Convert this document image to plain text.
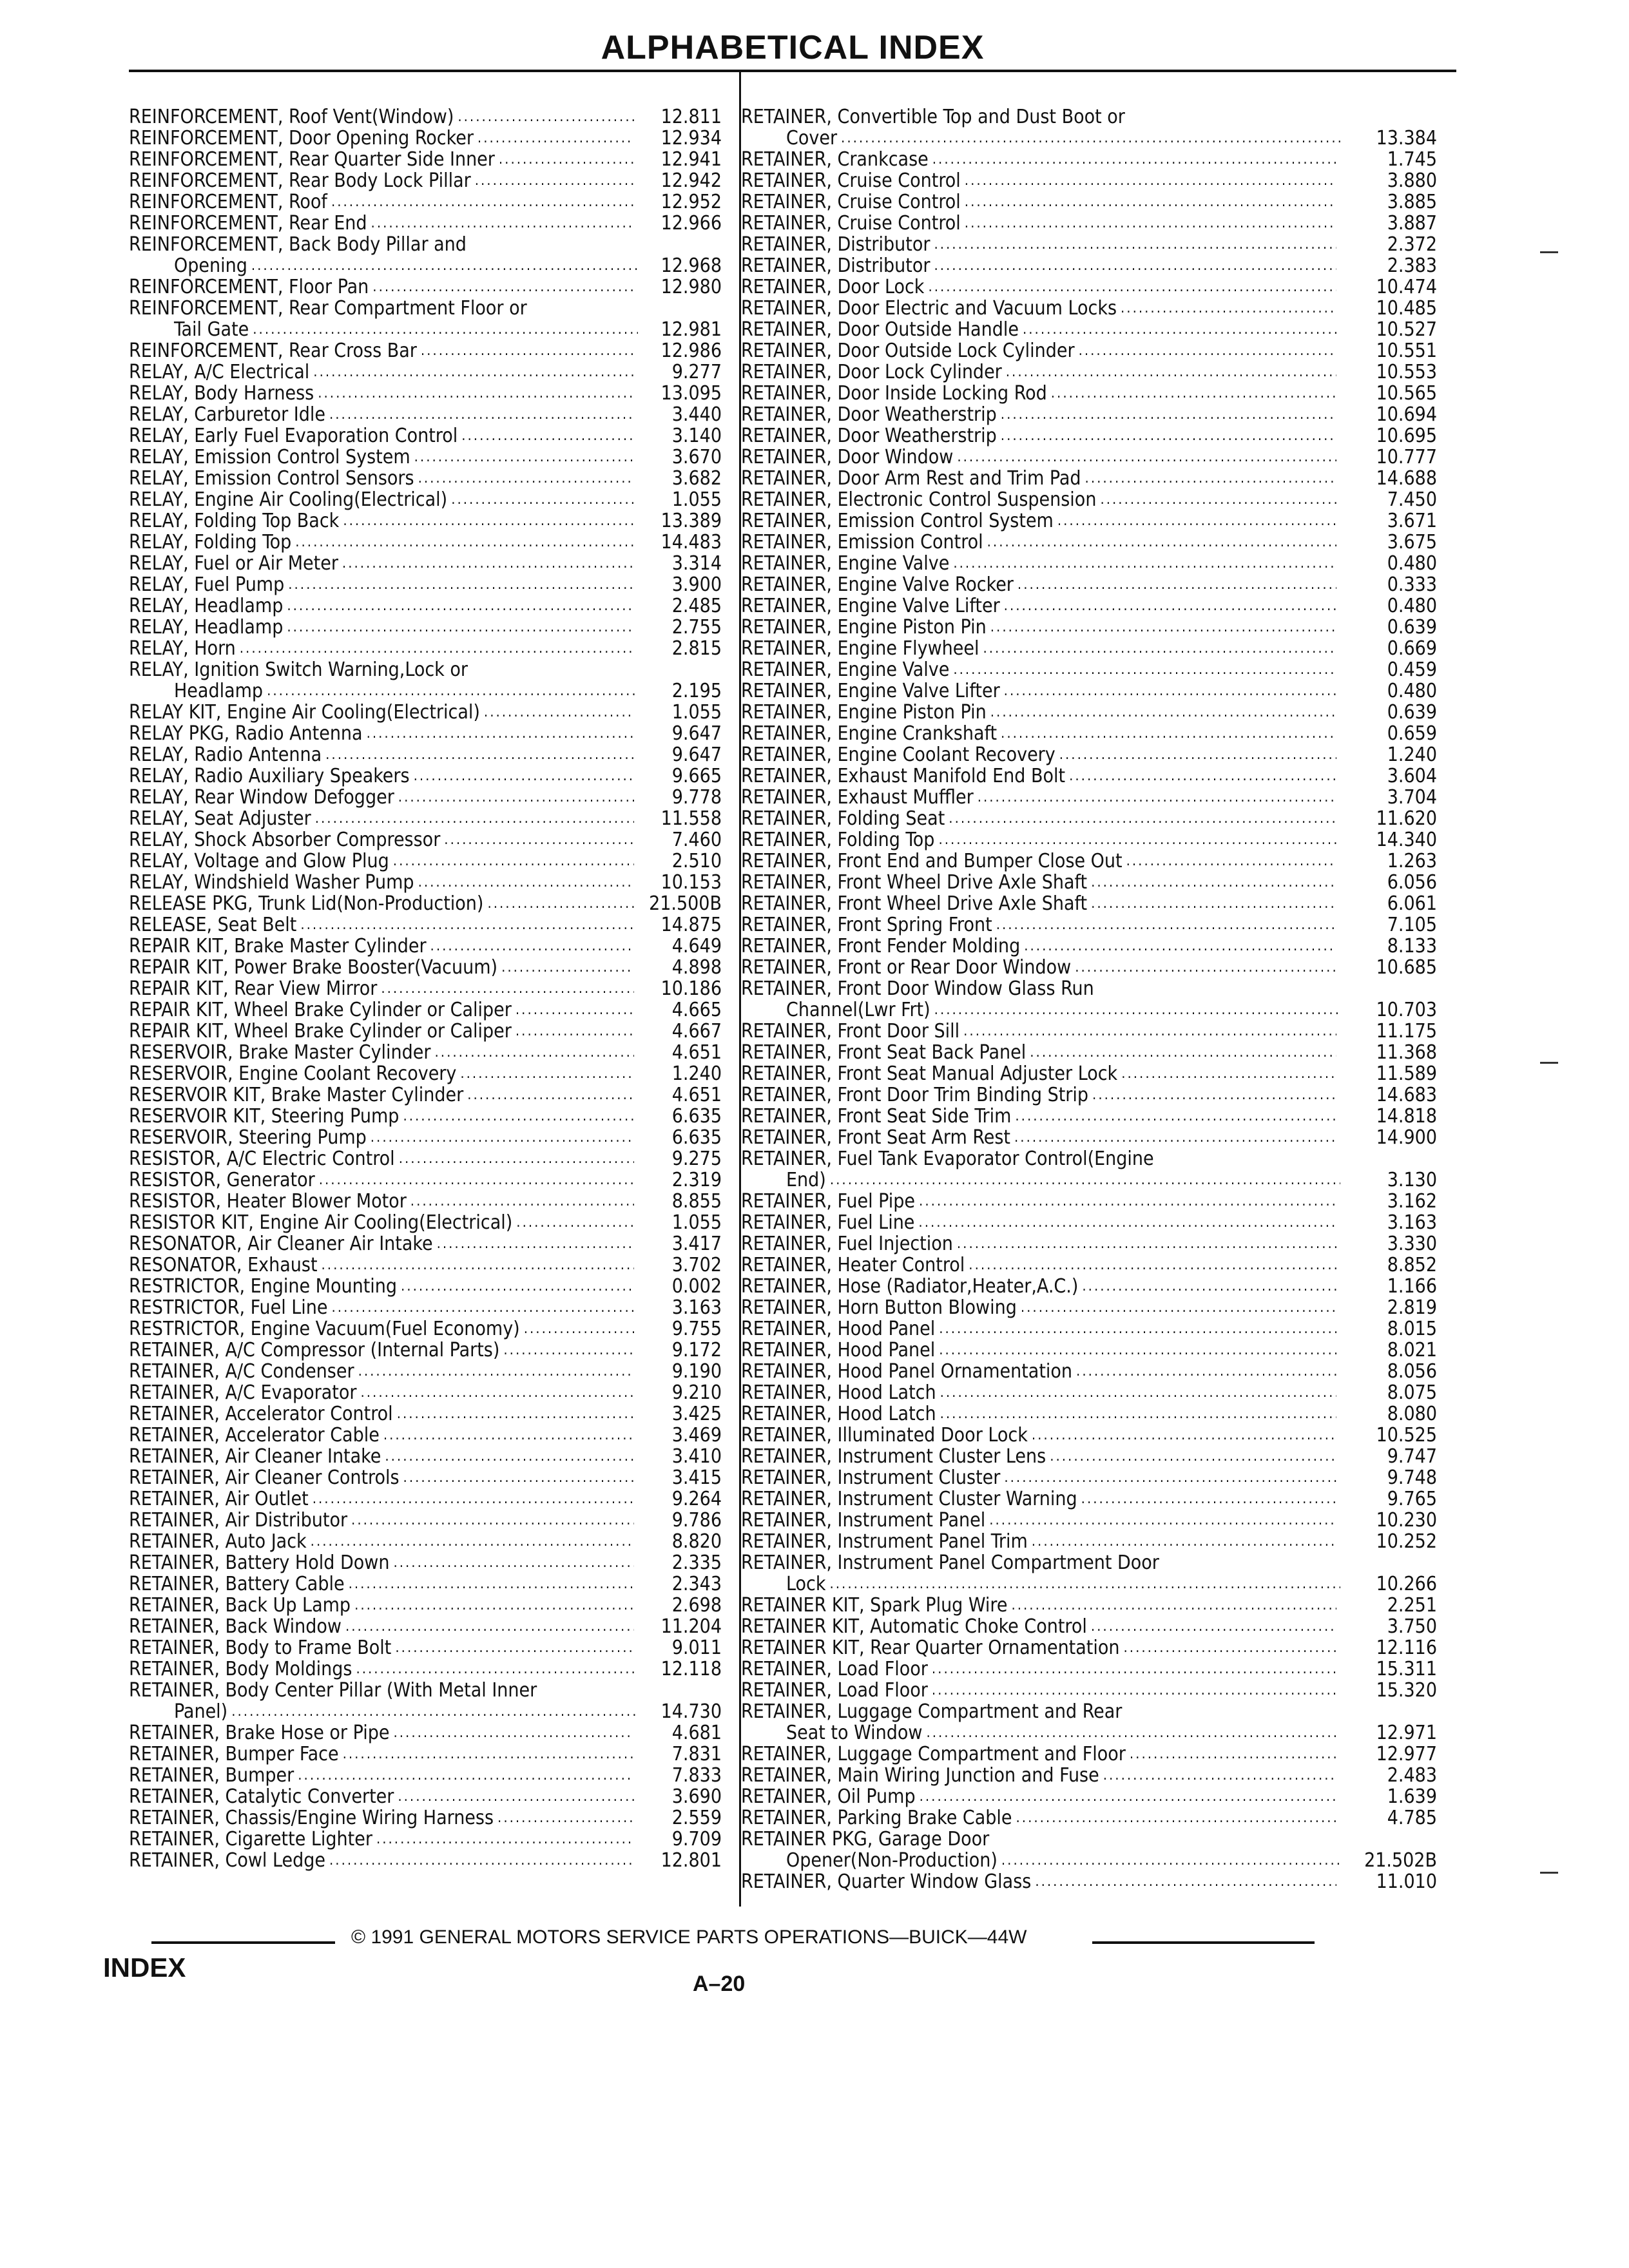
ALPHABETICAL INDEX
REINFORCEMENT, Roof Vent(Window) .....	12.811
REINFORCEMENT, Door Opening Rocker .....	12.934
REINFORCEMENT, Rear Quarter Side Inner .....	12.941
REINFORCEMENT, Rear Body Lock Pillar .....	12.942
REINFORCEMENT, Roof .....	12.952
REINFORCEMENT, Rear End .....	12.966
REINFORCEMENT, Back Body Pillar and
Opening .....	12.968
REINFORCEMENT, Floor Pan .....	12.980
REINFORCEMENT, Rear Compartment Floor or
Tail Gate .....	12.981
REINFORCEMENT, Rear Cross Bar .....	12.986
RELAY, A/C Electrical .....	9.277
RELAY, Body Harness .....	13.095
RELAY, Carburetor Idle .....	3.440
RELAY, Early Fuel Evaporation Control .....	3.140
RELAY, Emission Control System .....	3.670
RELAY, Emission Control Sensors .....	3.682
RELAY, Engine Air Cooling(Electrical) .....	1.055
RELAY, Folding Top Back .....	13.389
RELAY, Folding Top .....	14.483
RELAY, Fuel or Air Meter .....	3.314
RELAY, Fuel Pump .....	3.900
RELAY, Headlamp .....	2.485
RELAY, Headlamp .....	2.755
RELAY, Horn .....	2.815
RELAY, Ignition Switch Warning,Lock or
Headlamp .....	2.195
RELAY KIT, Engine Air Cooling(Electrical) .....	1.055
RELAY PKG, Radio Antenna .....	9.647
RELAY, Radio Antenna .....	9.647
RELAY, Radio Auxiliary Speakers .....	9.665
RELAY, Rear Window Defogger .....	9.778
RELAY, Seat Adjuster .....	11.558
RELAY, Shock Absorber Compressor .....	7.460
RELAY, Voltage and Glow Plug .....	2.510
RELAY, Windshield Washer Pump .....	10.153
RELEASE PKG, Trunk Lid(Non-Production) .....	21.500B
RELEASE, Seat Belt .....	14.875
REPAIR KIT, Brake Master Cylinder .....	4.649
REPAIR KIT, Power Brake Booster(Vacuum) .....	4.898
REPAIR KIT, Rear View Mirror .....	10.186
REPAIR KIT, Wheel Brake Cylinder or Caliper .....	4.665
REPAIR KIT, Wheel Brake Cylinder or Caliper .....	4.667
RESERVOIR, Brake Master Cylinder .....	4.651
RESERVOIR, Engine Coolant Recovery .....	1.240
RESERVOIR KIT, Brake Master Cylinder .....	4.651
RESERVOIR KIT, Steering Pump .....	6.635
RESERVOIR, Steering Pump .....	6.635
RESISTOR, A/C Electric Control .....	9.275
RESISTOR, Generator .....	2.319
RESISTOR, Heater Blower Motor .....	8.855
RESISTOR KIT, Engine Air Cooling(Electrical) .....	1.055
RESONATOR, Air Cleaner Air Intake .....	3.417
RESONATOR, Exhaust .....	3.702
RESTRICTOR, Engine Mounting .....	0.002
RESTRICTOR, Fuel Line .....	3.163
RESTRICTOR, Engine Vacuum(Fuel Economy) .....	9.755
RETAINER, A/C Compressor (Internal Parts) .....	9.172
RETAINER, A/C Condenser .....	9.190
RETAINER, A/C Evaporator .....	9.210
RETAINER, Accelerator Control .....	3.425
RETAINER, Accelerator Cable .....	3.469
RETAINER, Air Cleaner Intake .....	3.410
RETAINER, Air Cleaner Controls .....	3.415
RETAINER, Air Outlet .....	9.264
RETAINER, Air Distributor .....	9.786
RETAINER, Auto Jack .....	8.820
RETAINER, Battery Hold Down .....	2.335
RETAINER, Battery Cable .....	2.343
RETAINER, Back Up Lamp .....	2.698
RETAINER, Back Window .....	11.204
RETAINER, Body to Frame Bolt .....	9.011
RETAINER, Body Moldings .....	12.118
RETAINER, Body Center Pillar (With Metal Inner
Panel) .....	14.730
RETAINER, Brake Hose or Pipe .....	4.681
RETAINER, Bumper Face .....	7.831
RETAINER, Bumper .....	7.833
RETAINER, Catalytic Converter .....	3.690
RETAINER, Chassis/Engine Wiring Harness .....	2.559
RETAINER, Cigarette Lighter .....	9.709
RETAINER, Cowl Ledge .....	12.801
RETAINER, Convertible Top and Dust Boot or
Cover .....	13.384
RETAINER, Crankcase .....	1.745
RETAINER, Cruise Control .....	3.880
RETAINER, Cruise Control .....	3.885
RETAINER, Cruise Control .....	3.887
RETAINER, Distributor .....	2.372
RETAINER, Distributor .....	2.383
RETAINER, Door Lock .....	10.474
RETAINER, Door Electric and Vacuum Locks .....	10.485
RETAINER, Door Outside Handle .....	10.527
RETAINER, Door Outside Lock Cylinder .....	10.551
RETAINER, Door Lock Cylinder .....	10.553
RETAINER, Door Inside Locking Rod .....	10.565
RETAINER, Door Weatherstrip .....	10.694
RETAINER, Door Weatherstrip .....	10.695
RETAINER, Door Window .....	10.777
RETAINER, Door Arm Rest and Trim Pad .....	14.688
RETAINER, Electronic Control Suspension .....	7.450
RETAINER, Emission Control System .....	3.671
RETAINER, Emission Control .....	3.675
RETAINER, Engine Valve .....	0.480
RETAINER, Engine Valve Rocker .....	0.333
RETAINER, Engine Valve Lifter .....	0.480
RETAINER, Engine Piston Pin .....	0.639
RETAINER, Engine Flywheel .....	0.669
RETAINER, Engine Valve .....	0.459
RETAINER, Engine Valve Lifter .....	0.480
RETAINER, Engine Piston Pin .....	0.639
RETAINER, Engine Crankshaft .....	0.659
RETAINER, Engine Coolant Recovery .....	1.240
RETAINER, Exhaust Manifold End Bolt .....	3.604
RETAINER, Exhaust Muffler .....	3.704
RETAINER, Folding Seat .....	11.620
RETAINER, Folding Top .....	14.340
RETAINER, Front End and Bumper Close Out .....	1.263
RETAINER, Front Wheel Drive Axle Shaft .....	6.056
RETAINER, Front Wheel Drive Axle Shaft .....	6.061
RETAINER, Front Spring Front .....	7.105
RETAINER, Front Fender Molding .....	8.133
RETAINER, Front or Rear Door Window .....	10.685
RETAINER, Front Door Window Glass Run
Channel(Lwr Frt) .....	10.703
RETAINER, Front Door Sill .....	11.175
RETAINER, Front Seat Back Panel .....	11.368
RETAINER, Front Seat Manual Adjuster Lock .....	11.589
RETAINER, Front Door Trim Binding Strip .....	14.683
RETAINER, Front Seat Side Trim .....	14.818
RETAINER, Front Seat Arm Rest .....	14.900
RETAINER, Fuel Tank Evaporator Control(Engine
End) .....	3.130
RETAINER, Fuel Pipe .....	3.162
RETAINER, Fuel Line .....	3.163
RETAINER, Fuel Injection .....	3.330
RETAINER, Heater Control .....	8.852
RETAINER, Hose (Radiator,Heater,A.C.) .....	1.166
RETAINER, Horn Button Blowing .....	2.819
RETAINER, Hood Panel .....	8.015
RETAINER, Hood Panel .....	8.021
RETAINER, Hood Panel Ornamentation .....	8.056
RETAINER, Hood Latch .....	8.075
RETAINER, Hood Latch .....	8.080
RETAINER, Illuminated Door Lock .....	10.525
RETAINER, Instrument Cluster Lens .....	9.747
RETAINER, Instrument Cluster .....	9.748
RETAINER, Instrument Cluster Warning .....	9.765
RETAINER, Instrument Panel .....	10.230
RETAINER, Instrument Panel Trim .....	10.252
RETAINER, Instrument Panel Compartment Door
Lock .....	10.266
RETAINER KIT, Spark Plug Wire .....	2.251
RETAINER KIT, Automatic Choke Control .....	3.750
RETAINER KIT, Rear Quarter Ornamentation .....	12.116
RETAINER, Load Floor .....	15.311
RETAINER, Load Floor .....	15.320
RETAINER, Luggage Compartment and Rear
Seat to Window .....	12.971
RETAINER, Luggage Compartment and Floor .....	12.977
RETAINER, Main Wiring Junction and Fuse .....	2.483
RETAINER, Oil Pump .....	1.639
RETAINER, Parking Brake Cable .....	4.785
RETAINER PKG, Garage Door
Opener(Non-Production) .....	21.502B
RETAINER, Quarter Window Glass .....	11.010
© 1991 GENERAL MOTORS SERVICE PARTS OPERATIONS—BUICK—44W
INDEX
A–20
